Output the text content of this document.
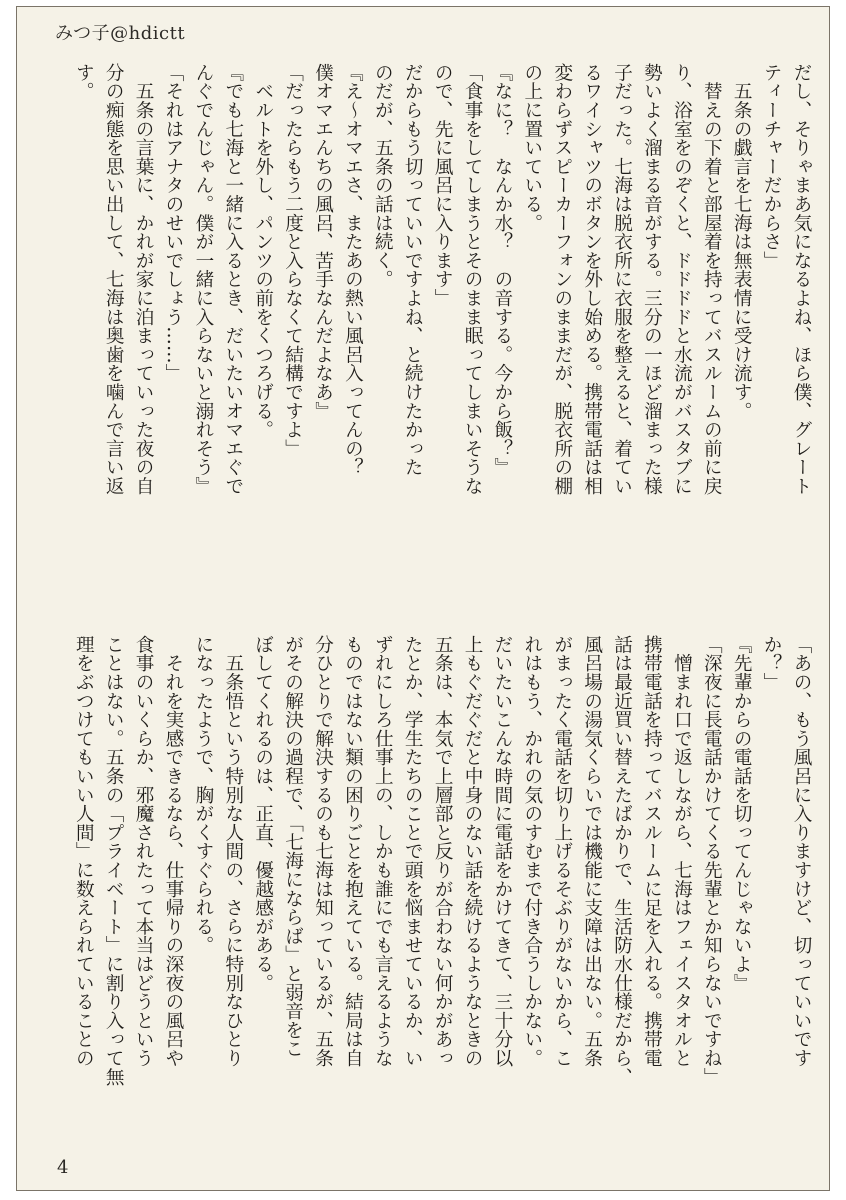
みつ子@hdictt

だし、そりゃまあ気になるよね、ほら僕、グレート
ティーチャーだからさ」
　五条の戯言を七海は無表情に受け流す。
　替えの下着と部屋着を持ってバスルームの前に戻
り、浴室をのぞくと、ドドドドと水流がバスタブに
勢いよく溜まる音がする。三分の一ほど溜まった様
子だった。七海は脱衣所に衣服を整えると、着てい
るワイシャツのボタンを外し始める。携帯電話は相
変わらずスピーカーフォンのままだが、脱衣所の棚
の上に置いている。
『なに？　なんか水？　の音する。今から飯？』
「食事をしてしまうとそのまま眠ってしまいそうな
ので、先に風呂に入ります」
だからもう切っていいですよね、と続けたかった
のだが、五条の話は続く。
『え～オマエさ、またあの熱い風呂入ってんの？
僕オマエんちの風呂、苦手なんだよなあ』
「だったらもう二度と入らなくて結構ですよ」
　ベルトを外し、パンツの前をくつろげる。
『でも七海と一緒に入るとき、だいたいオマエぐで
んぐでんじゃん。僕が一緒に入らないと溺れそう』
「それはアナタのせいでしょう……」
　五条の言葉に、かれが家に泊まっていった夜の自
分の痴態を思い出して、七海は奥歯を噛んで言い返
す。
「あの、もう風呂に入りますけど、切っていいです
か？」
『先輩からの電話を切ってんじゃないよ』
「深夜に長電話かけてくる先輩とか知らないですね」
　憎まれ口で返しながら、七海はフェイスタオルと
携帯電話を持ってバスルームに足を入れる。携帯電
話は最近買い替えたばかりで、生活防水仕様だから、
風呂場の湯気くらいでは機能に支障は出ない。五条
がまったく電話を切り上げるそぶりがないから、こ
れはもう、かれの気のすむまで付き合うしかない。
だいたいこんな時間に電話をかけてきて、三十分以
上もぐだぐだと中身のない話を続けるようなときの
五条は、本気で上層部と反りが合わない何かがあっ
たとか、学生たちのことで頭を悩ませているか、い
ずれにしろ仕事上の、しかも誰にでも言えるような
ものではない類の困りごとを抱えている。結局は自
分ひとりで解決するのも七海は知っているが、五条
がその解決の過程で、「七海にならば」と弱音をこ
ぼしてくれるのは、正直、優越感がある。
　五条悟という特別な人間の、さらに特別なひとり
になったようで、胸がくすぐられる。
　それを実感できるなら、仕事帰りの深夜の風呂や
食事のいくらか、邪魔されたって本当はどうという
ことはない。五条の「プライベート」に割り入って無
理をぶつけてもいい人間」に数えられていることの
4
